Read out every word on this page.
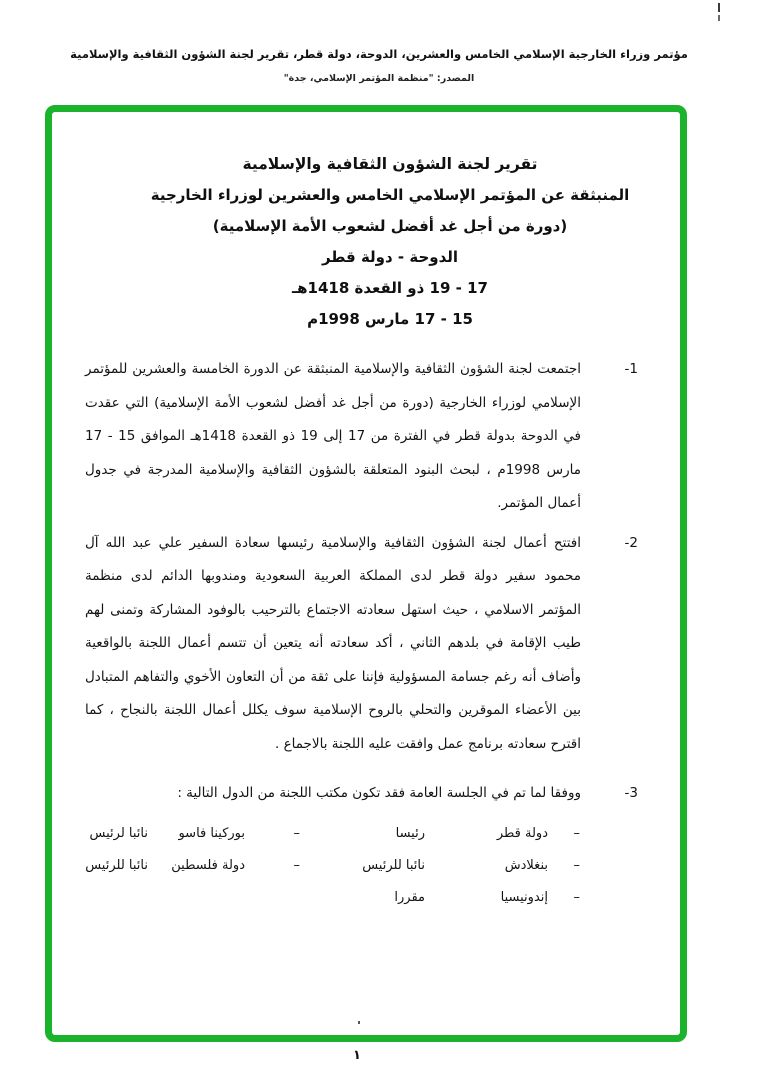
مؤتمر وزراء الخارجية الإسلامي الخامس والعشرين، الدوحة، دولة قطر، تقرير لجنة الشؤون الثقافية والإسلامية
المصدر: "منظمة المؤتمر الإسلامي، جدة"
تقرير لجنة الشؤون الثقافية والإسلامية
المنبثقة عن المؤتمر الإسلامي الخامس والعشرين لوزراء الخارجية
(دورة من أجل غد أفضل لشعوب الأمة الإسلامية)
الدوحة - دولة قطر
17 - 19 ذو القعدة 1418هـ
15 - 17 مارس 1998م
1-
اجتمعت لجنة الشؤون الثقافية والإسلامية المنبثقة عن الدورة الخامسة والعشرين للمؤتمر الإسلامي لوزراء الخارجية (دورة من أجل غد أفضل لشعوب الأمة الإسلامية) التي عقدت في الدوحة بدولة قطر في الفترة من 17 إلى 19 ذو القعدة 1418هـ الموافق 15 - 17 مارس 1998م ، لبحث البنود المتعلقة بالشؤون الثقافية والإسلامية المدرجة في جدول أعمال المؤتمر.
2-
افتتح أعمال لجنة الشؤون الثقافية والإسلامية رئيسها سعادة السفير علي عبد الله آل محمود سفير دولة قطر لدى المملكة العربية السعودية ومندوبها الدائم لدى منظمة المؤتمر الاسلامي ، حيث استهل سعادته الاجتماع بالترحيب بالوفود المشاركة وتمنى لهم طيب الإقامة في بلدهم الثاني ، أكد سعادته أنه يتعين أن تتسم أعمال اللجنة بالواقعية وأضاف أنه رغم جسامة المسؤولية فإننا على ثقة من أن التعاون الأخوي والتفاهم المتبادل بين الأعضاء الموقرين والتحلي بالروح الإسلامية سوف يكلل أعمال اللجنة بالنجاح ، كما اقترح سعادته برنامج عمل وافقت عليه اللجنة بالاجماع .
3-
ووفقا لما تم في الجلسة العامة فقد تكون مكتب اللجنة من الدول التالية :
–
دولة قطر
رئيسا
–
بوركينا فاسو
نائبا لرئيس
–
بنغلادش
نائبا للرئيس
–
دولة فلسطين
نائبا للرئيس
–
إندونيسيا
مقررا
١
